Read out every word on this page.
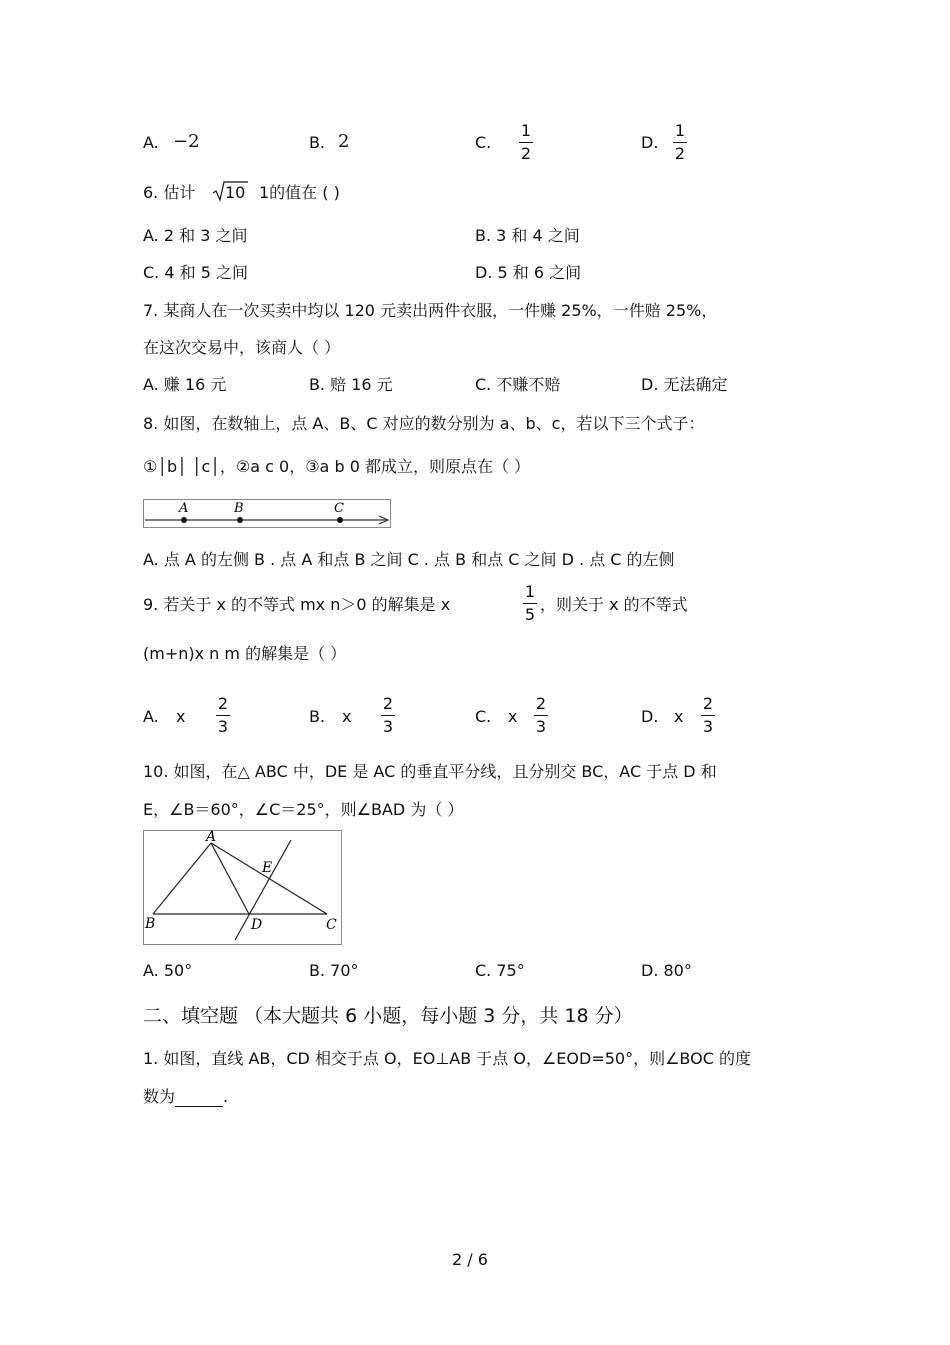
A. −2	B. 2	C.
1
2
D.
1
2
6. 估计 10 1的值在 ( )
A. 2 和 3 之间	B. 3 和 4 之间
C. 4 和 5 之间	D. 5 和 6 之间
7. 某商人在一次买卖中均以 120 元卖出两件衣服，一件赚 25%，一件赔 25%，
在这次交易中，该商人（ ）
A. 赚 16 元	B. 赔 16 元	C. 不赚不赔	D. 无法确定
8. 如图，在数轴上，点 A、B、C 对应的数分别为 a、b、c，若以下三个式子：
①│b│ │c│，②a c 0，③a b 0 都成立，则原点在（ ）
A	B	C
A. 点 A 的左侧 B . 点 A 和点 B 之间 C . 点 B 和点 C 之间 D . 点 C 的左侧
9. 若关于 x 的不等式 mx n＞0 的解集是 x
1
5
，则关于 x 的不等式
(m+n)x n m 的解集是（ ）
A. x
2
3
B. x
2
3
C. x
2
3
D. x
2
3
10. 如图，在△ ABC 中，DE 是 AC 的垂直平分线，且分别交 BC，AC 于点 D 和
E，∠B＝60°，∠C＝25°，则∠BAD 为（ ）
A
B	C
D
E
A. 50°	B. 70°	C. 75°	D. 80°
二、填空题 （本大题共 6 小题，每小题 3 分，共 18 分）
1. 如图，直线 AB，CD 相交于点 O，EO⊥AB 于点 O，∠EOD=50°，则∠BOC 的度
数为	.
2 / 6
